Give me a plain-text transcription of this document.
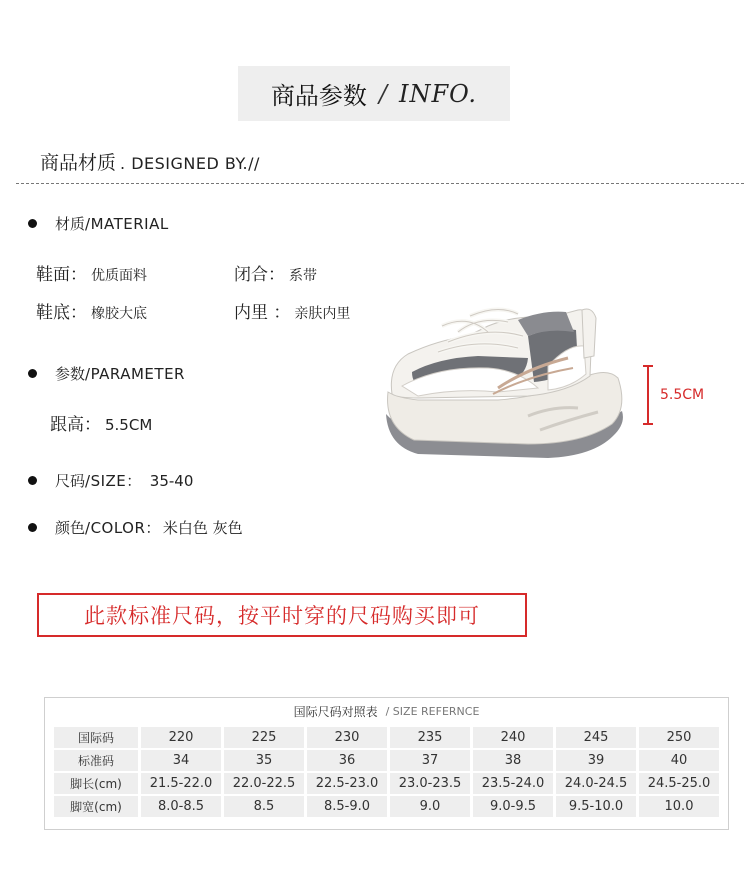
商品参数 / INFO.
商品材质 . DESIGNED BY.//
材质 /MATERIAL
鞋面： 优质面料	闭合： 系带
鞋底： 橡胶大底	内里 ： 亲肤内里
参数 /PARAMETER
跟高： 5.5CM
尺码 /SIZE： 35-40
颜色 /COLOR： 米白色 灰色
5.5CM
此款标准尺码，按平时穿的尺码购买即可
国际尺码对照表 / SIZE REFERNCE
国际码	220	225	230	235	240	245	250
标准码	34	35	36	37	38	39	40
脚长(cm)	21.5-22.0	22.0-22.5	22.5-23.0	23.0-23.5	23.5-24.0	24.0-24.5	24.5-25.0
脚宽(cm)	8.0-8.5	8.5	8.5-9.0	9.0	9.0-9.5	9.5-10.0	10.0
